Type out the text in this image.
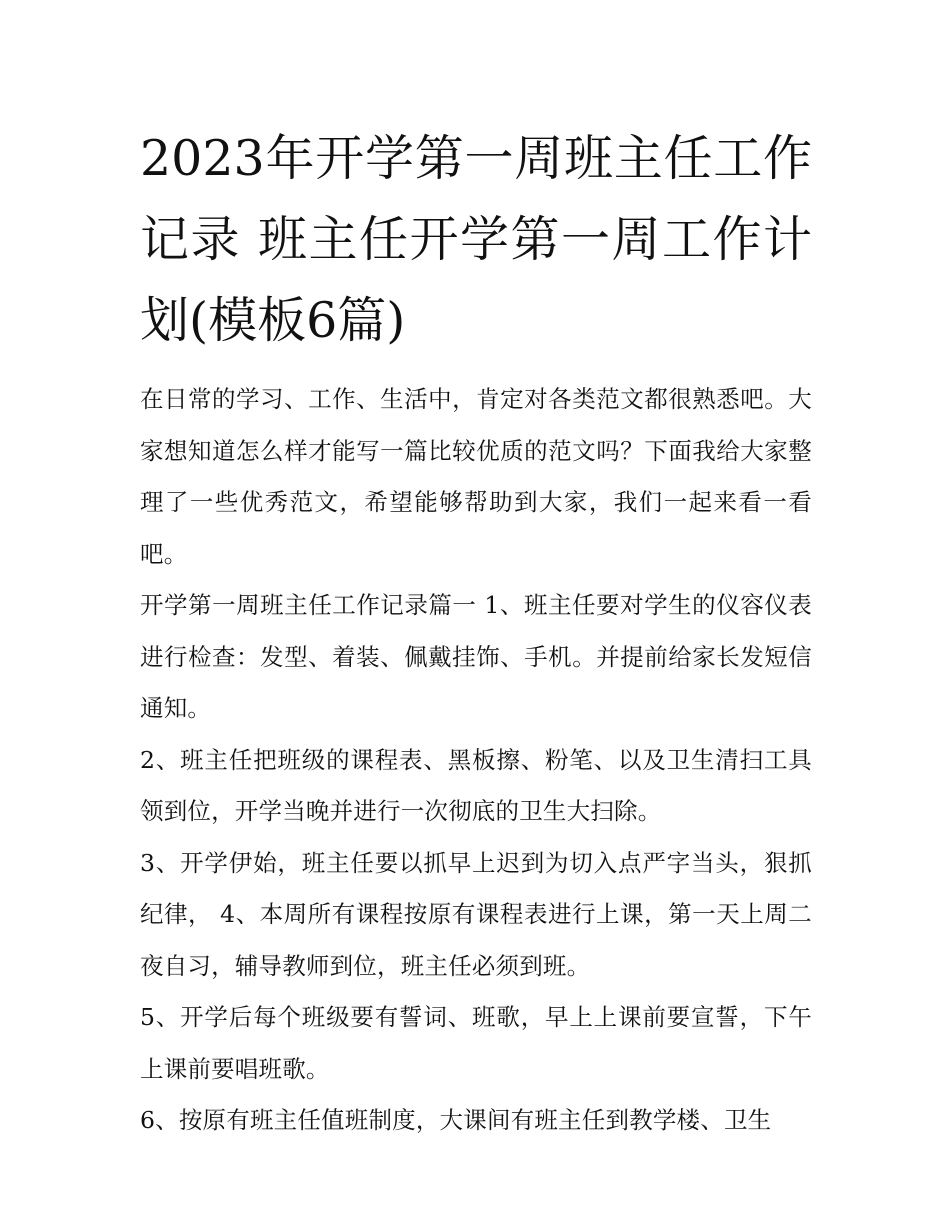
2023年开学第一周班主任工作记录 班主任开学第一周工作计划(模板6篇)

在日常的学习、工作、生活中，肯定对各类范文都很熟悉吧。大家想知道怎么样才能写一篇比较优质的范文吗？下面我给大家整理了一些优秀范文，希望能够帮助到大家，我们一起来看一看吧。

开学第一周班主任工作记录篇一 1、班主任要对学生的仪容仪表进行检查：发型、着装、佩戴挂饰、手机。并提前给家长发短信通知。

2、班主任把班级的课程表、黑板擦、粉笔、以及卫生清扫工具领到位，开学当晚并进行一次彻底的卫生大扫除。

3、开学伊始，班主任要以抓早上迟到为切入点严字当头，狠抓纪律， 4、本周所有课程按原有课程表进行上课，第一天上周二夜自习，辅导教师到位，班主任必须到班。

5、开学后每个班级要有誓词、班歌，早上上课前要宣誓，下午上课前要唱班歌。

6、按原有班主任值班制度，大课间有班主任到教学楼、卫生
